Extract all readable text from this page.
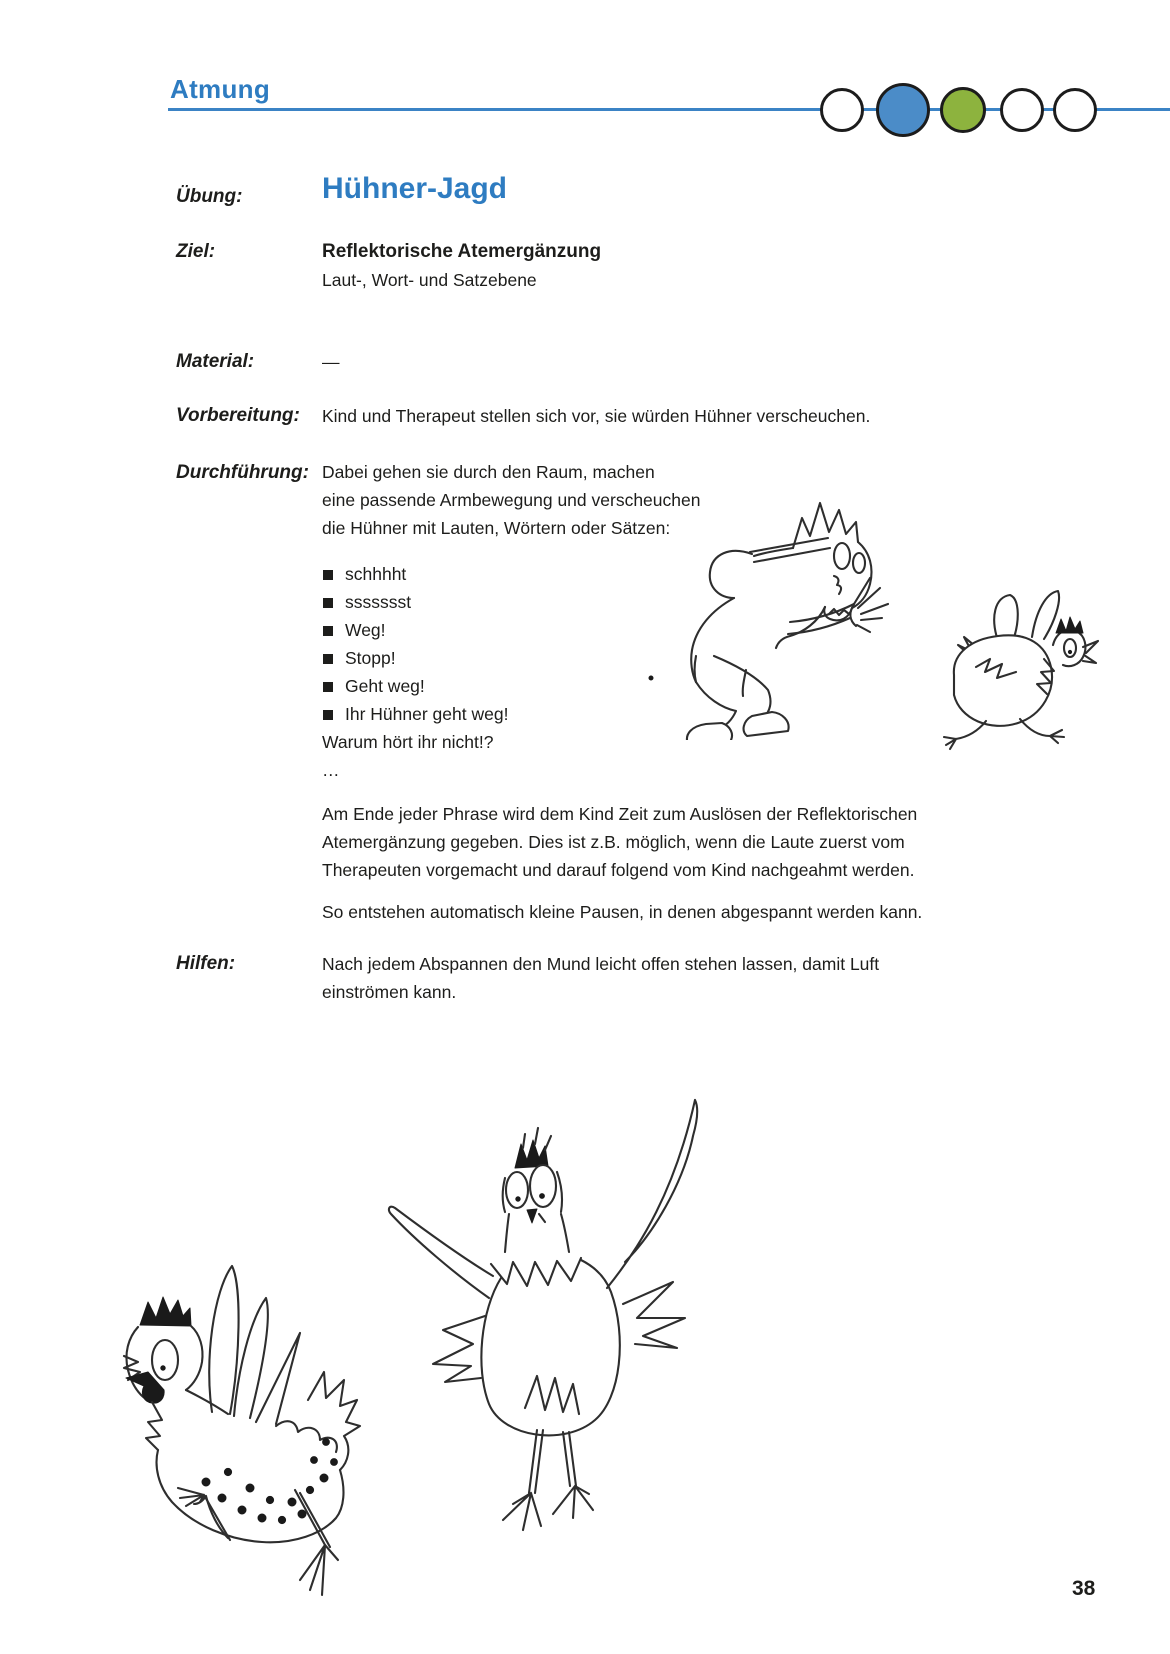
Atmung
Übung:
Ziel:
Material:
Vorbereitung:
Durchführung:
Hilfen:
Hühner-Jagd
Reflektorische Atemergänzung
Laut-, Wort- und Satzebene
—
Kind und Therapeut stellen sich vor, sie würden Hühner verscheuchen.
Dabei gehen sie durch den Raum, machen
eine passende Armbewegung und verscheuchen
die Hühner mit Lauten, Wörtern oder Sätzen:
schhhht
ssssssst
Weg!
Stopp!
Geht weg!
Ihr Hühner geht weg!
Warum hört ihr nicht!?
…
Am Ende jeder Phrase wird dem Kind Zeit zum Auslösen der Reflektorischen
Atemergänzung gegeben. Dies ist z.B. möglich, wenn die Laute zuerst vom
Therapeuten vorgemacht und darauf folgend vom Kind nachgeahmt werden.
So entstehen automatisch kleine Pausen, in denen abgespannt werden kann.
Nach jedem Abspannen den Mund leicht offen stehen lassen, damit Luft
einströmen kann.
38
